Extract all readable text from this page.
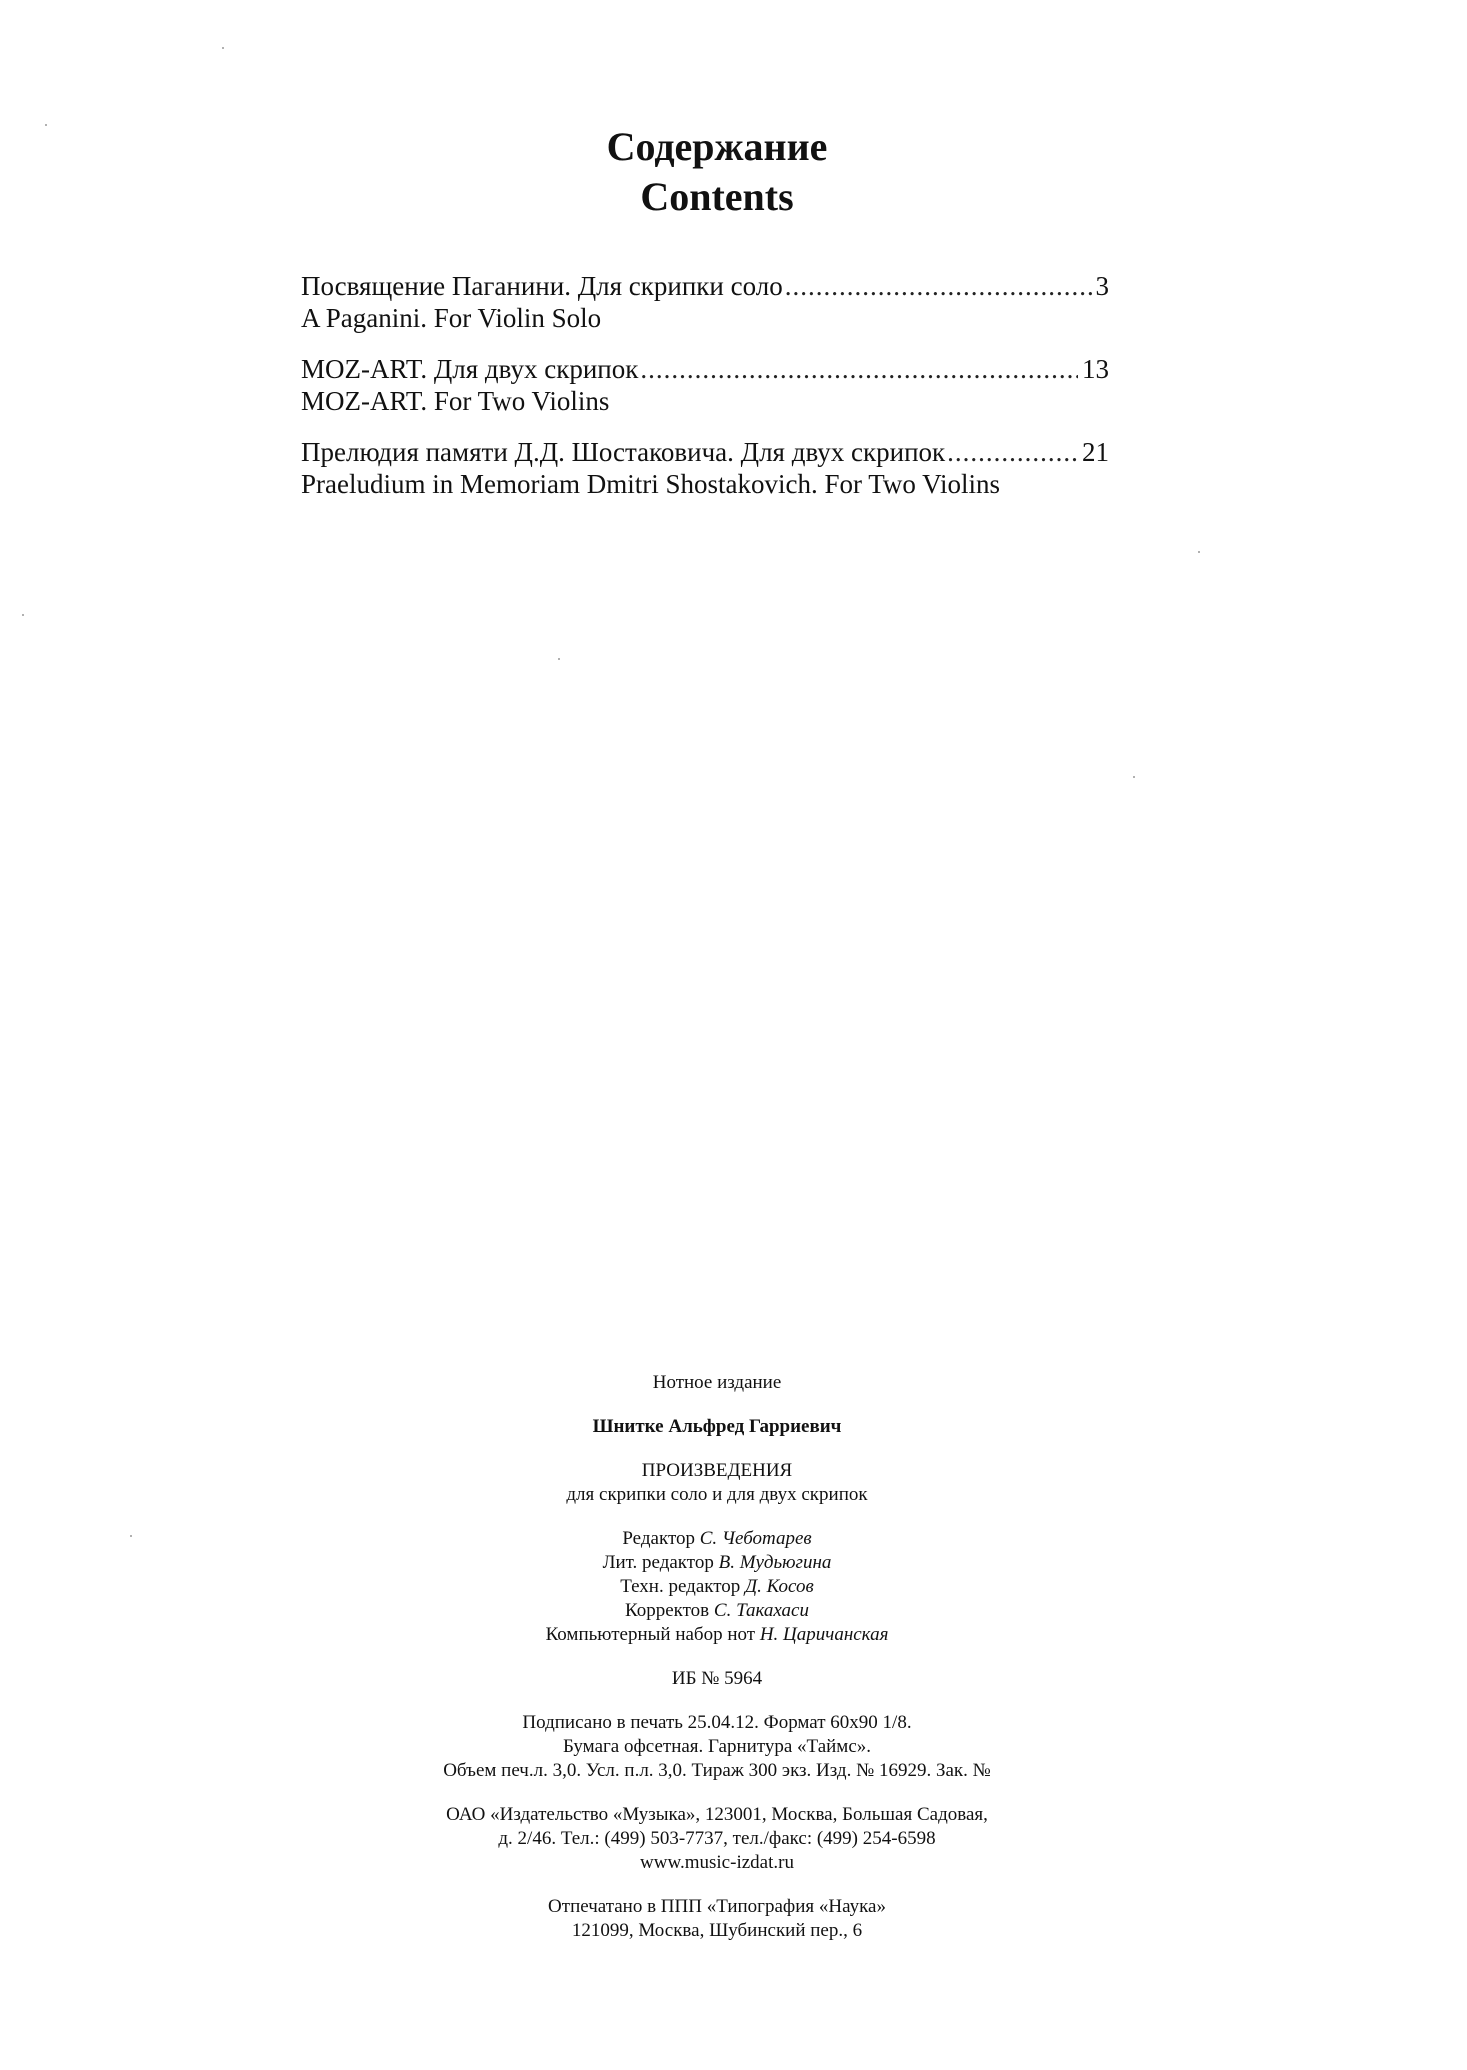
Содержание
Contents
Посвящение Паганини. Для скрипки соло .....	3
A Paganini. For Violin Solo
MOZ-ART. Для двух скрипок .....	13
MOZ-ART. For Two Violins
Прелюдия памяти Д.Д. Шостаковича. Для двух скрипок .....	21
Praeludium in Memoriam Dmitri Shostakovich. For Two Violins

Нотное издание

Шнитке Альфред Гарриевич

ПРОИЗВЕДЕНИЯ

для скрипки соло и для двух скрипок

Редактор С. Чеботарев

Лит. редактор В. Мудьюгина

Техн. редактор Д. Косов

Корректов С. Такахаси

Компьютерный набор нот Н. Царичанская

ИБ № 5964

Подписано в печать 25.04.12. Формат 60x90 1/8.

Бумага офсетная. Гарнитура «Таймс».

Объем печ.л. 3,0. Усл. п.л. 3,0. Тираж 300 экз. Изд. № 16929. Зак. №

ОАО «Издательство «Музыка», 123001, Москва, Большая Садовая,

д. 2/46. Тел.: (499) 503-7737, тел./факс: (499) 254-6598

www.music-izdat.ru

Отпечатано в ППП «Типография «Наука»

121099, Москва, Шубинский пер., 6
